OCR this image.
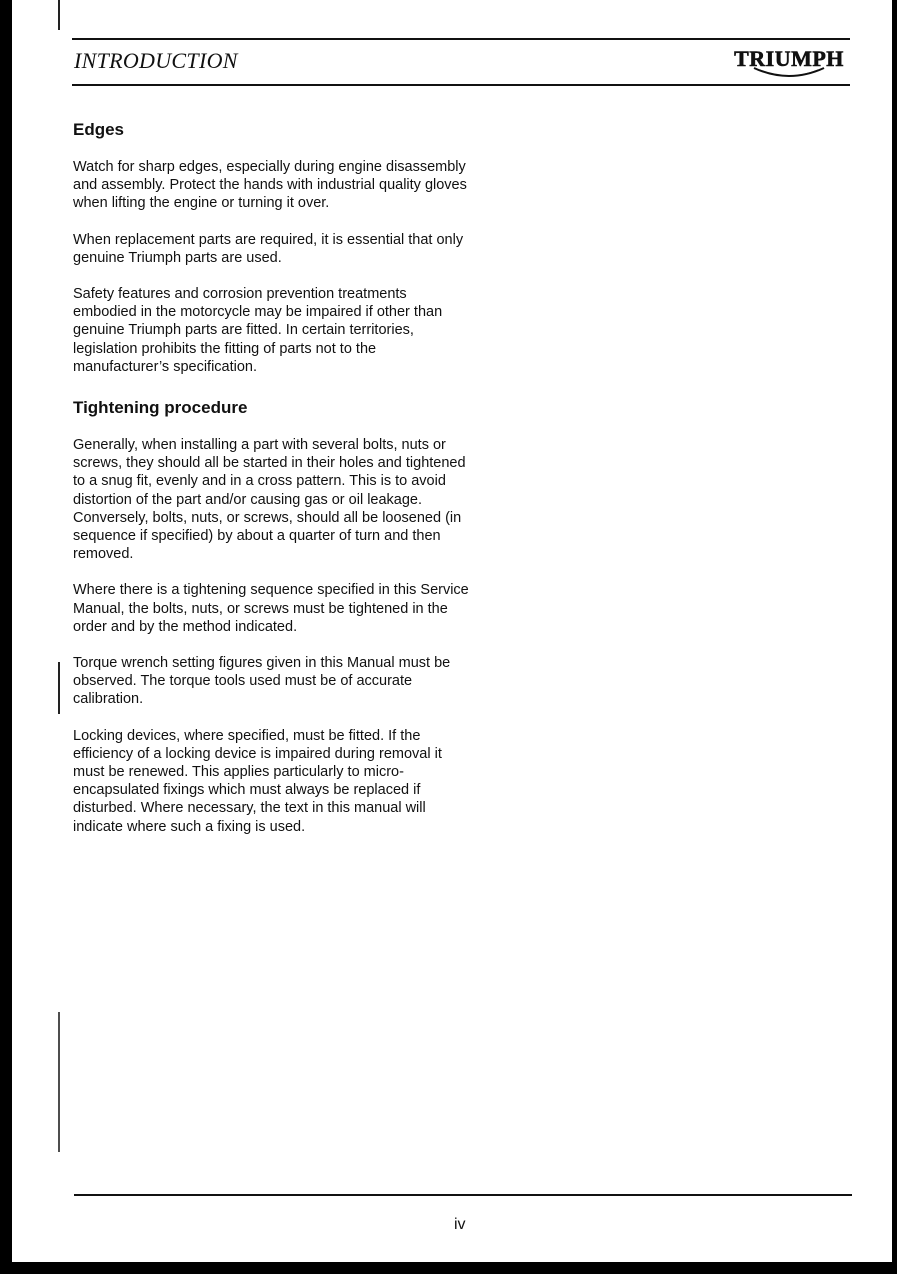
INTRODUCTION	TRIUMPH
Edges

Watch for sharp edges, especially during engine disassembly and assembly. Protect the hands with industrial quality gloves when lifting the engine or turning it over.

When replacement parts are required, it is essential that only genuine Triumph parts are used.

Safety features and corrosion prevention treatments embodied in the motorcycle may be impaired if other than genuine Triumph parts are fitted. In certain territories, legislation prohibits the fitting of parts not to the manufacturer’s specification.

Tightening procedure

Generally, when installing a part with several bolts, nuts or screws, they should all be started in their holes and tightened to a snug fit, evenly and in a cross pattern. This is to avoid distortion of the part and/or causing gas or oil leakage. Conversely, bolts, nuts, or screws, should all be loosened (in sequence if specified) by about a quarter of turn and then removed.

Where there is a tightening sequence specified in this Service Manual, the bolts, nuts, or screws must be tightened in the order and by the method indicated.

Torque wrench setting figures given in this Manual must be observed. The torque tools used must be of accurate calibration.

Locking devices, where specified, must be fitted. If the efficiency of a locking device is impaired during removal it must be renewed. This applies particularly to micro-encapsulated fixings which must always be replaced if disturbed. Where necessary, the text in this manual will indicate where such a fixing is used.

iv
